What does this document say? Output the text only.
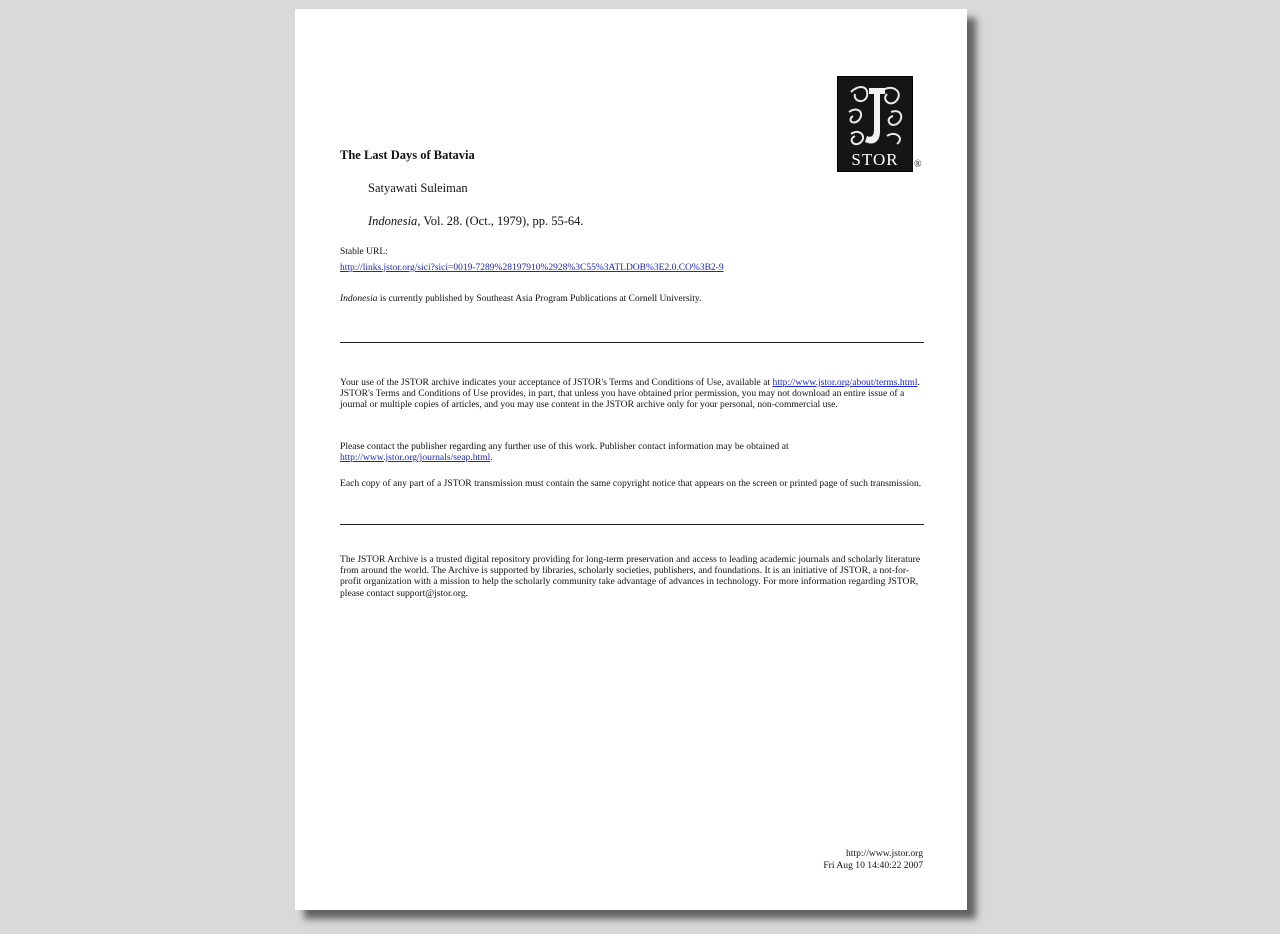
STOR	®
The Last Days of Batavia
Satyawati Suleiman
Indonesia, Vol. 28. (Oct., 1979), pp. 55-64.
Stable URL:
http://links.jstor.org/sici?sici=0019-7289%28197910%2928%3C55%3ATLDOB%3E2.0.CO%3B2-9
Indonesia is currently published by Southeast Asia Program Publications at Cornell University.
Your use of the JSTOR archive indicates your acceptance of JSTOR's Terms and Conditions of Use, available at http://www.jstor.org/about/terms.html. JSTOR's Terms and Conditions of Use provides, in part, that unless you have obtained prior permission, you may not download an entire issue of a journal or multiple copies of articles, and you may use content in the JSTOR archive only for your personal, non-commercial use.
Please contact the publisher regarding any further use of this work. Publisher contact information may be obtained at http://www.jstor.org/journals/seap.html.
Each copy of any part of a JSTOR transmission must contain the same copyright notice that appears on the screen or printed page of such transmission.
The JSTOR Archive is a trusted digital repository providing for long-term preservation and access to leading academic journals and scholarly literature from around the world. The Archive is supported by libraries, scholarly societies, publishers, and foundations. It is an initiative of JSTOR, a not-for-profit organization with a mission to help the scholarly community take advantage of advances in technology. For more information regarding JSTOR, please contact support@jstor.org.
http://www.jstor.org
Fri Aug 10 14:40:22 2007
